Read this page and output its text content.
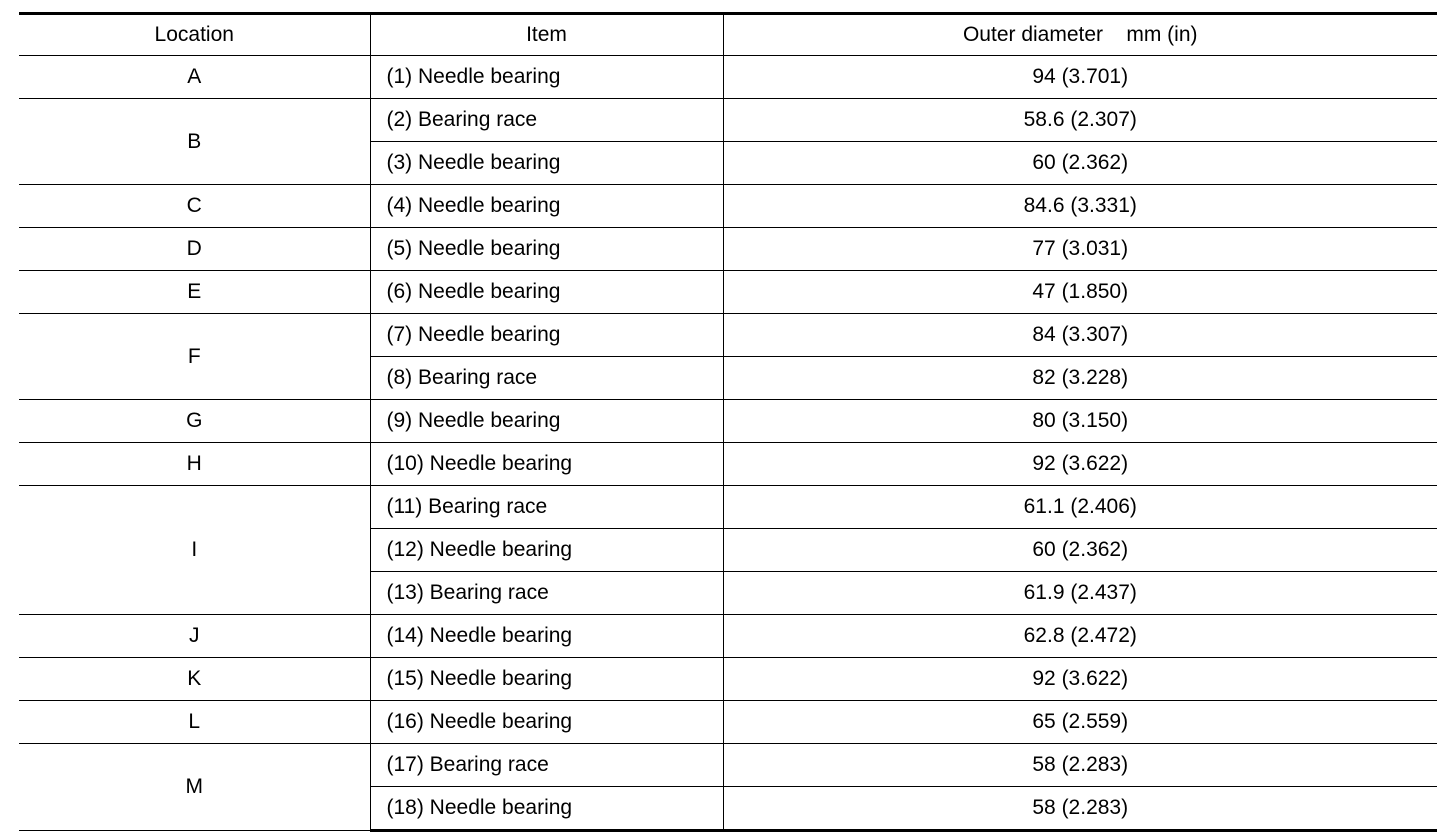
Location	Item	Outer diameter    mm (in)
A	(1) Needle bearing	94 (3.701)
B	(2) Bearing race	58.6 (2.307)
	(3) Needle bearing	60 (2.362)
C	(4) Needle bearing	84.6 (3.331)
D	(5) Needle bearing	77 (3.031)
E	(6) Needle bearing	47 (1.850)
F	(7) Needle bearing	84 (3.307)
	(8) Bearing race	82 (3.228)
G	(9) Needle bearing	80 (3.150)
H	(10) Needle bearing	92 (3.622)
I	(11) Bearing race	61.1 (2.406)
	(12) Needle bearing	60 (2.362)
	(13) Bearing race	61.9 (2.437)
J	(14) Needle bearing	62.8 (2.472)
K	(15) Needle bearing	92 (3.622)
L	(16) Needle bearing	65 (2.559)
M	(17) Bearing race	58 (2.283)
	(18) Needle bearing	58 (2.283)
